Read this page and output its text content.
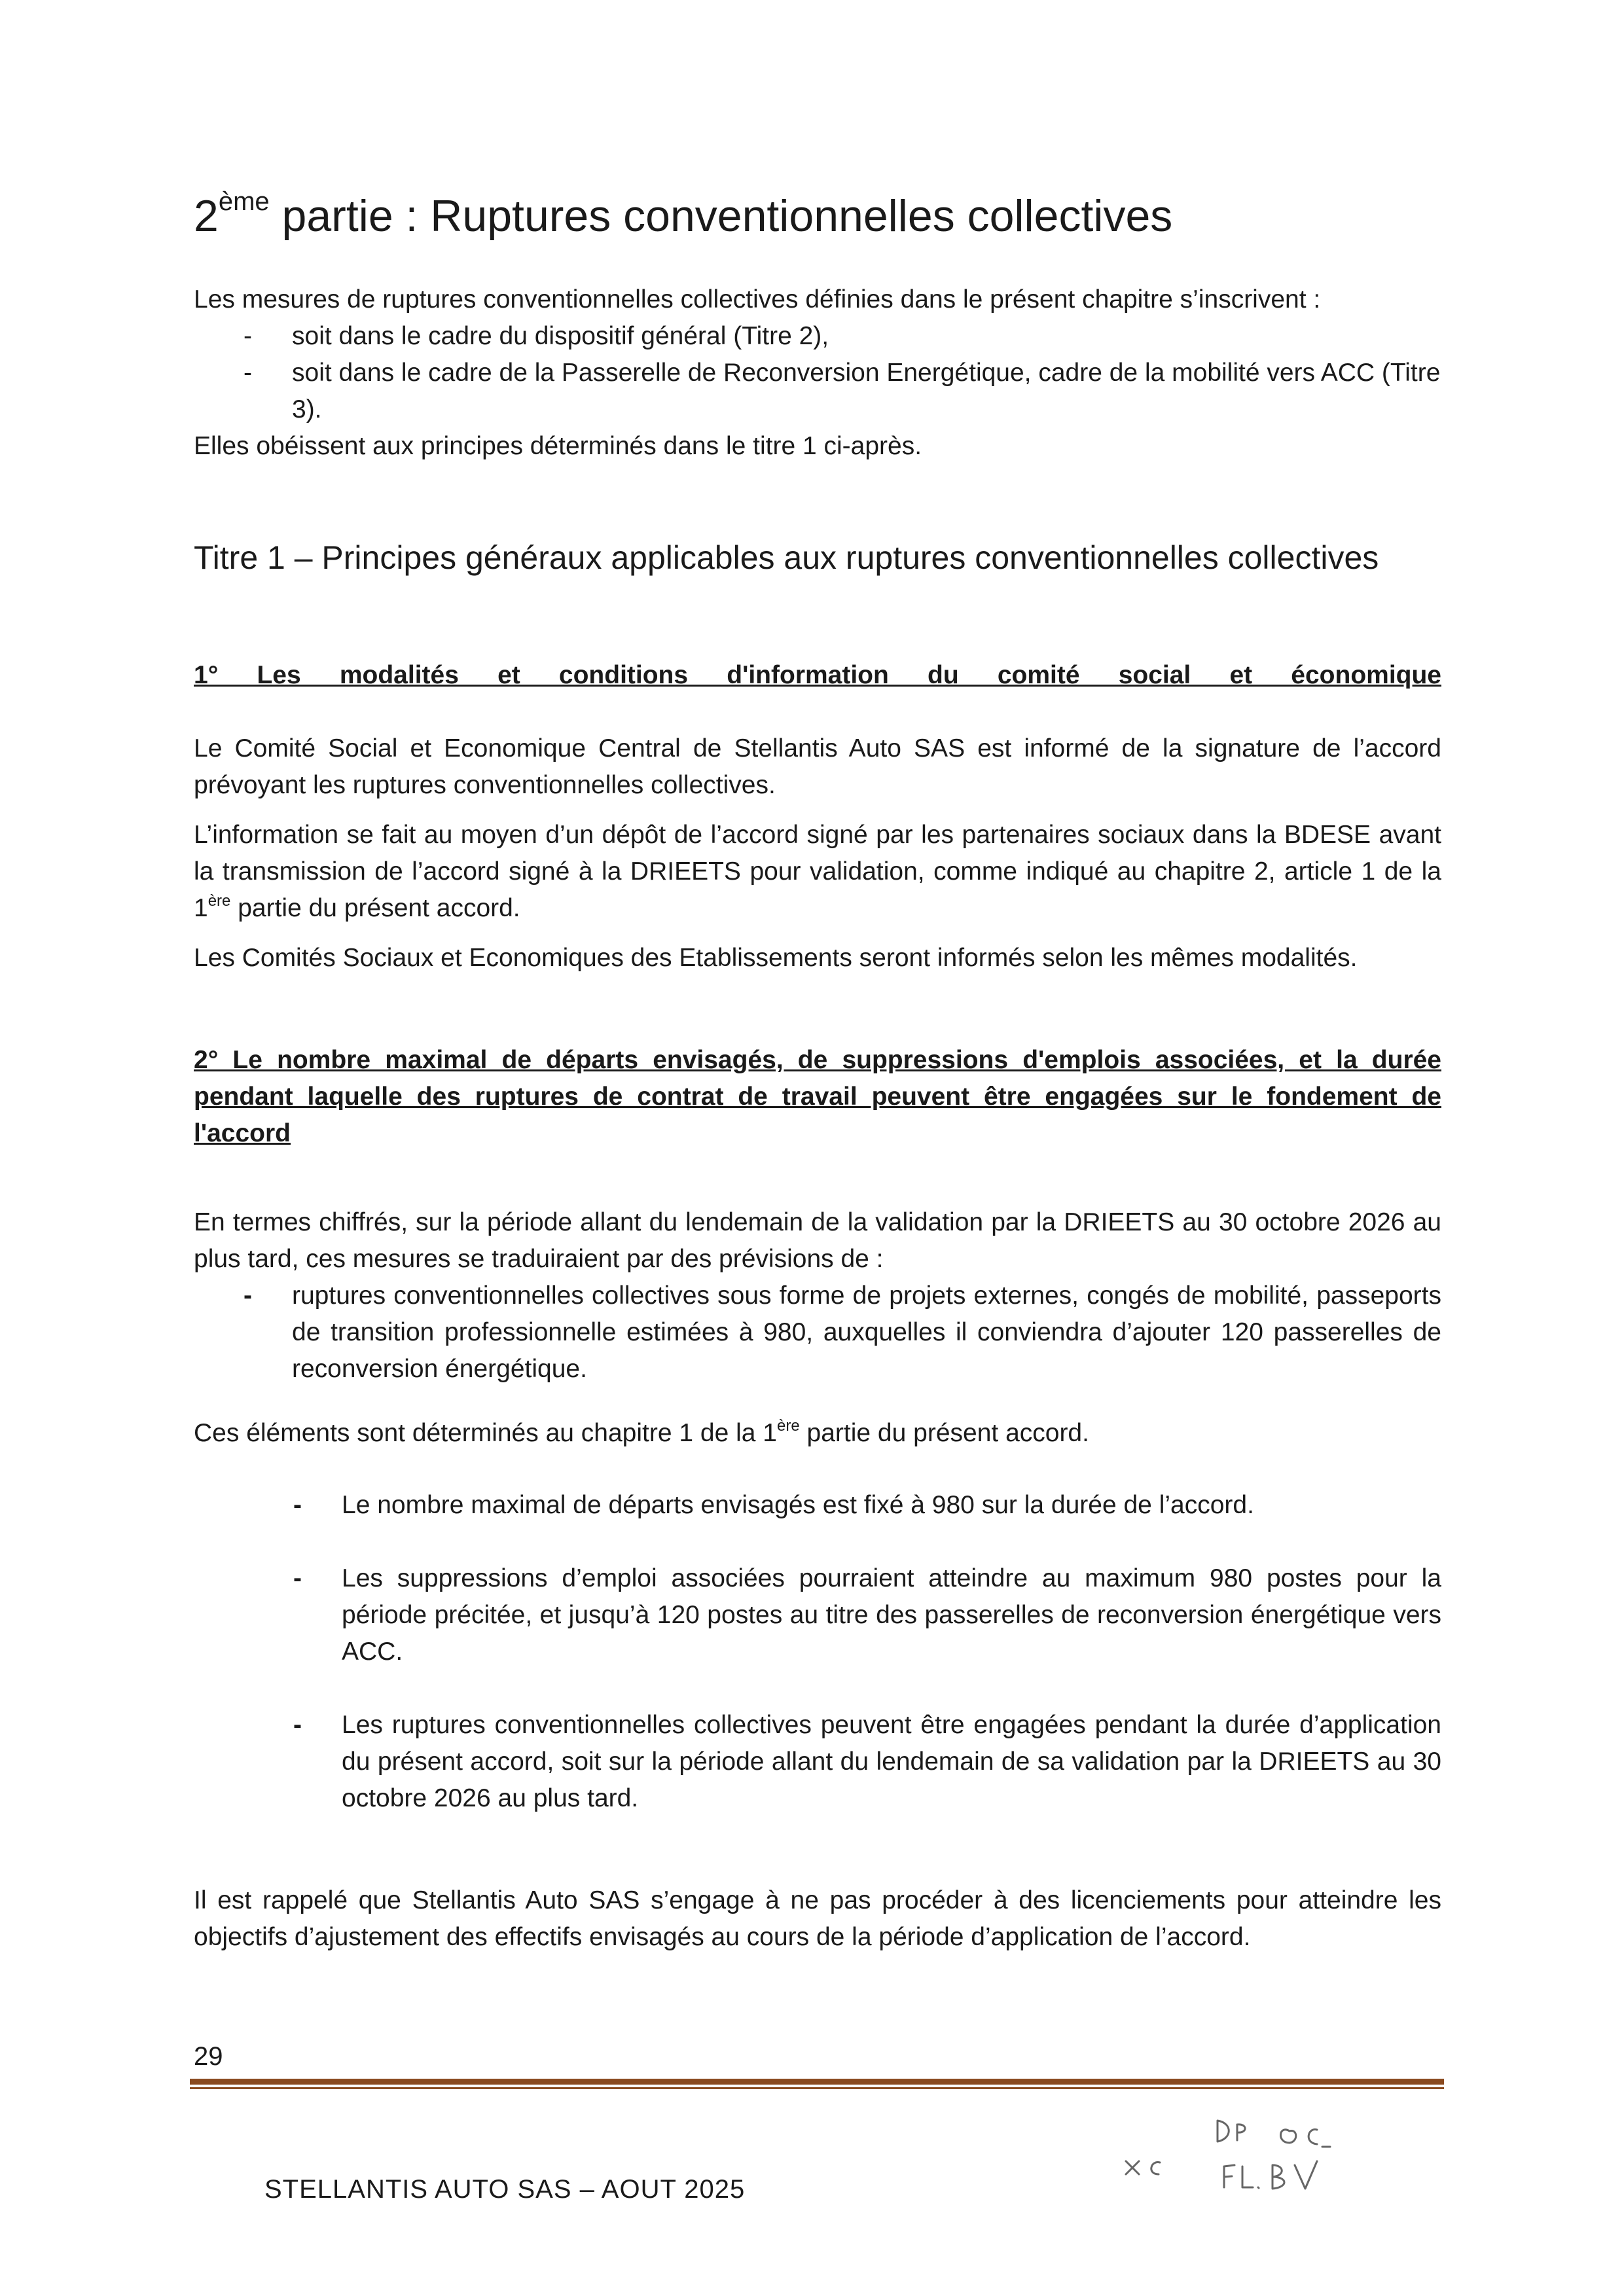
2ème partie : Ruptures conventionnelles collectives

Les mesures de ruptures conventionnelles collectives définies dans le présent chapitre s’inscrivent :

- soit dans le cadre du dispositif général (Titre 2),
- soit dans le cadre de la Passerelle de Reconversion Energétique, cadre de la mobilité vers ACC (Titre 3).

Elles obéissent aux principes déterminés dans le titre 1 ci-après.

Titre 1 – Principes généraux applicables aux ruptures conventionnelles collectives

1° Les modalités et conditions d'information du comité social et économique

Le Comité Social et Economique Central de Stellantis Auto SAS est informé de la signature de l’accord prévoyant les ruptures conventionnelles collectives.

L’information se fait au moyen d’un dépôt de l’accord signé par les partenaires sociaux dans la BDESE avant la transmission de l’accord signé à la DRIEETS pour validation, comme indiqué au chapitre 2, article 1 de la 1ère partie du présent accord.

Les Comités Sociaux et Economiques des Etablissements seront informés selon les mêmes modalités.

2° Le nombre maximal de départs envisagés, de suppressions d'emplois associées, et la durée pendant laquelle des ruptures de contrat de travail peuvent être engagées sur le fondement de l'accord

En termes chiffrés, sur la période allant du lendemain de la validation par la DRIEETS au 30 octobre 2026 au plus tard, ces mesures se traduiraient par des prévisions de :

- ruptures conventionnelles collectives sous forme de projets externes, congés de mobilité, passeports de transition professionnelle estimées à 980, auxquelles il conviendra d’ajouter 120 passerelles de reconversion énergétique.

Ces éléments sont déterminés au chapitre 1 de la 1ère partie du présent accord.

- Le nombre maximal de départs envisagés est fixé à 980 sur la durée de l’accord.
- Les suppressions d’emploi associées pourraient atteindre au maximum 980 postes pour la période précitée, et jusqu’à 120 postes au titre des passerelles de reconversion énergétique vers ACC.
- Les ruptures conventionnelles collectives peuvent être engagées pendant la durée d’application du présent accord, soit sur la période allant du lendemain de sa validation par la DRIEETS au 30 octobre 2026 au plus tard.

Il est rappelé que Stellantis Auto SAS s’engage à ne pas procéder à des licenciements pour atteindre les objectifs d’ajustement des effectifs envisagés au cours de la période d’application de l’accord.

29
STELLANTIS AUTO SAS – AOUT 2025
